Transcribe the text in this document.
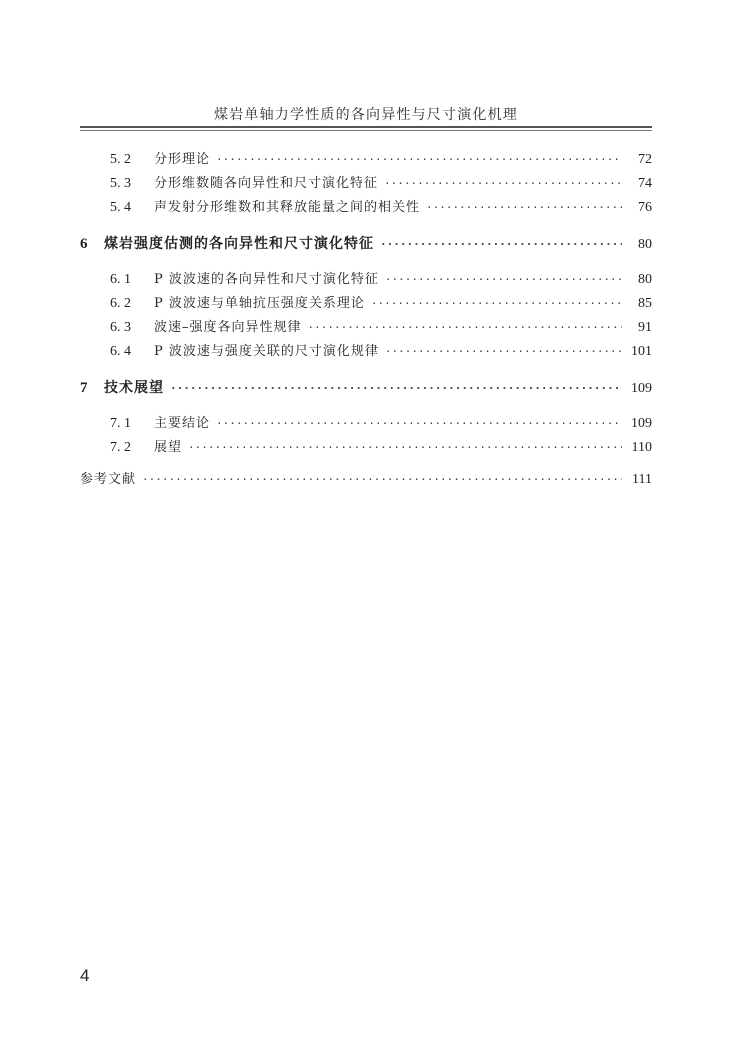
煤岩单轴力学性质的各向异性与尺寸演化机理
5. 2	分形理论 ·····	72
5. 3	分形维数随各向异性和尺寸演化特征 ·····	74
5. 4	声发射分形维数和其释放能量之间的相关性 ·····	76
6	煤岩强度估测的各向异性和尺寸演化特征 ·····	80
6. 1	P 波波速的各向异性和尺寸演化特征 ·····	80
6. 2	P 波波速与单轴抗压强度关系理论 ·····	85
6. 3	波速–强度各向异性规律 ·····	91
6. 4	P 波波速与强度关联的尺寸演化规律 ·····	101
7	技术展望 ·····	109
7. 1	主要结论 ·····	109
7. 2	展望 ·····	110
参考文献 ·····	111
4
